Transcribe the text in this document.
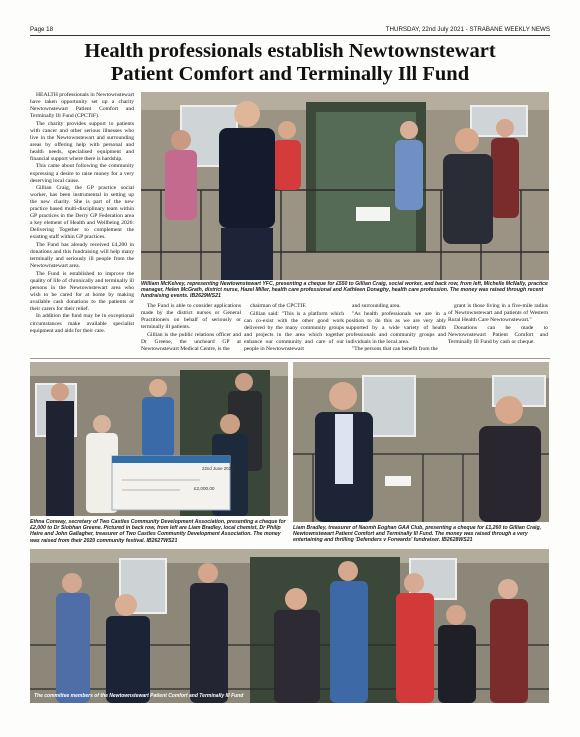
Page 18	THURSDAY, 22nd July 2021 - STRABANE WEEKLY NEWS
Health professionals establish Newtownstewart
Patient Comfort and Terminally Ill Fund

HEALTH professionals in Newtownstewart have taken opportunity set up a charity Newtownstewart Patient Comfort and Terminally Ill Fund (CPCTIF).

The charity provides support to patients with cancer and other serious illnesses who live in the Newtownstewart and surrounding areas by offering help with personal and health needs, specialised equipment and financial support where there is hardship.

This came about following the community expressing a desire to raise money for a very deserving local cause.

Gillian Craig, the GP practice social worker, has been instrumental in setting up the new charity. She is part of the new practice based multi-disciplinary team within GP practices in the Derry GP Federation area a key element of Health and Wellbeing 2026: Delivering Together to complement the existing staff within GP practices.

The Fund has already received £4,200 in donations and this fundraising will help many terminally and seriously ill people from the Newtownstewart area.

The Fund is established to improve the quality of life of chronically and terminally ill persons in the Newtownstewart area who wish to be cared for at home by making available cash donations to the patients or their carers for their relief.

In addition the fund may be in exceptional circumstances make available specialist equipment and aids for their care.

The Fund is able to consider applications made by the district nurses or General Practitioners on behalf of seriously or terminally ill patients.

Gillian is the public relations officer and Dr Greene, the uncheard GP at Newtownstewart Medical Centre, is the

chairman of the CPCTIF.

Gillian said: "This is a platform which can co-exist with the other good work delivered by the many community groups and projects in the area which together enhance our community and care of our people in Newtownstewart

and surrounding area.

"As health professionals we are in a position to do this as we are very ably supported by a wide variety of health professionals and community groups and individuals in the local area.

"The persons that can benefit from the

grant is those living in a five-mile radius of Newtownstewart and patients of Western Rural Health Care Newtownstewart."

Donations can be made to Newtownstewart Patient Comfort and Terminally Ill Fund by cash or cheque.

William McKelvey, representing Newtownstewart YFC, presenting a cheque for £550 to Gillian Craig, social worker, and back row, from left, Michelle McNally, practice manager, Helen McGrath, district nurse, Hazel Miller, health care professional and Kathleen Donaghy, health care profession. The money was raised through recent fundraising events. IB2629WS21
22nd June 2021
£2,000.00
Ethna Conway, secretary of Two Castles Community Development Association, presenting a cheque for £2,000 to Dr Siobhan Greene. Pictured in back row, from left are Liam Bradley, local chemist, Dr Philip Haire and John Gallagher, treasurer of Two Castles Community Development Association. The money was raised from their 2020 community festival. IB2627WS21
Liam Bradley, treasurer of Naomh Eoghan GAA Club, presenting a cheque for £1,260 to Gillian Craig, Newtownstewart Patient Comfort and Terminally Ill Fund. The money was raised through a very entertaining and thrilling 'Defenders v Forwards' fundraiser. IB2628WS21
The committee members of the Newtownstewart Patient Comfort and Terminally Ill Fund
